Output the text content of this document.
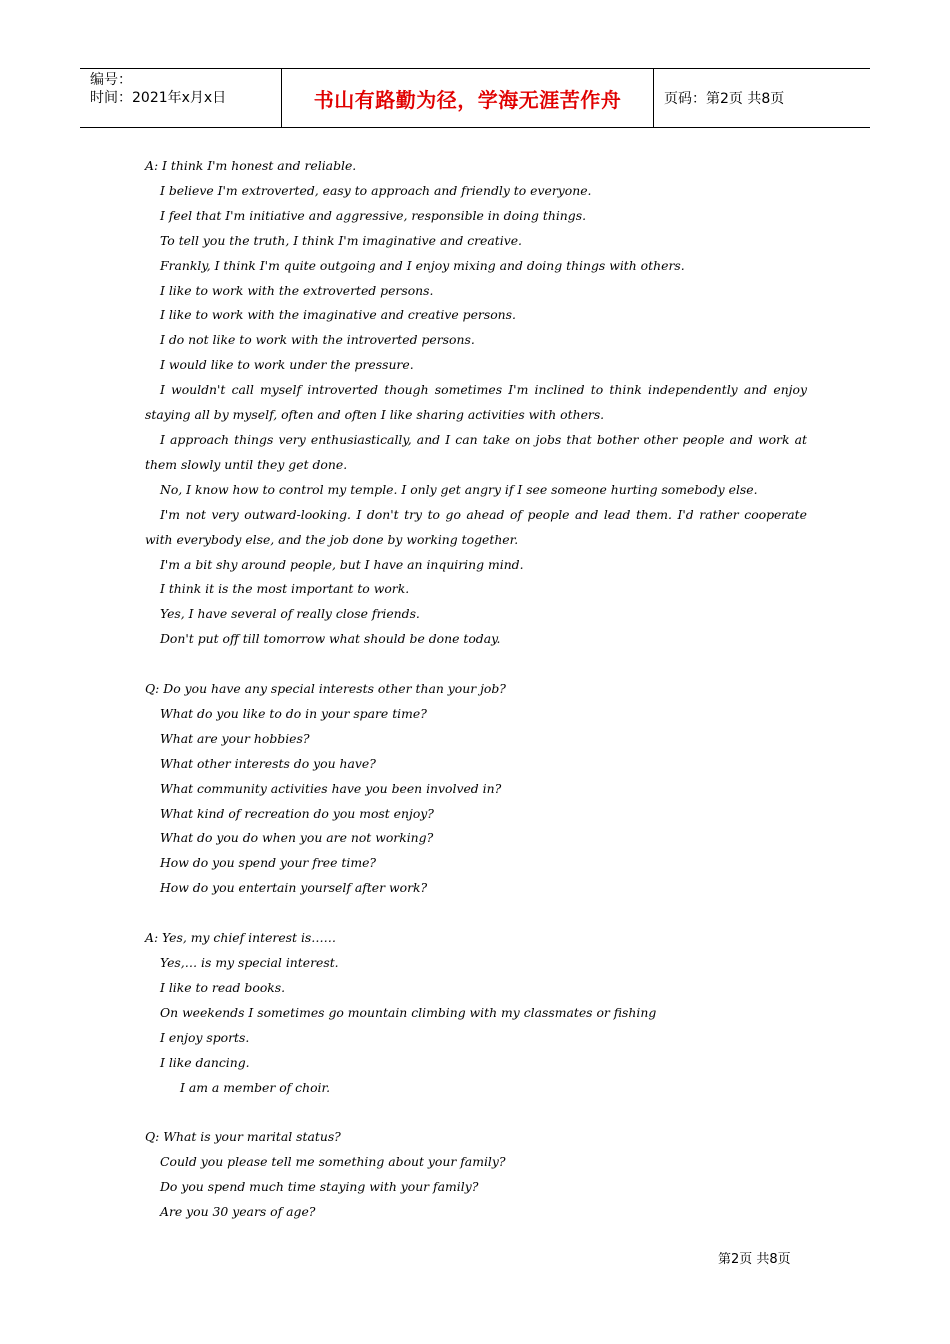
编号：
时间：2021年x月x日	书山有路勤为径，学海无涯苦作舟	页码：第2页 共8页
A: I think I'm honest and reliable.
I believe I'm extroverted, easy to approach and friendly to everyone.
I feel that I'm initiative and aggressive, responsible in doing things.
To tell you the truth, I think I'm imaginative and creative.
Frankly, I think I'm quite outgoing and I enjoy mixing and doing things with others.
I like to work with the extroverted persons.
I like to work with the imaginative and creative persons.
I do not like to work with the introverted persons.
I would like to work under the pressure.
I wouldn't call myself introverted though sometimes I'm inclined to think independently and enjoy staying all by myself, often and often I like sharing activities with others.
I approach things very enthusiastically, and I can take on jobs that bother other people and work at them slowly until they get done.
No, I know how to control my temple. I only get angry if I see someone hurting somebody else.
I'm not very outward-looking. I don't try to go ahead of people and lead them. I'd rather cooperate with everybody else, and the job done by working together.
I'm a bit shy around people, but I have an inquiring mind.
I think it is the most important to work.
Yes, I have several of really close friends.
Don't put off till tomorrow what should be done today.
Q: Do you have any special interests other than your job?
What do you like to do in your spare time?
What are your hobbies?
What other interests do you have?
What community activities have you been involved in?
What kind of recreation do you most enjoy?
What do you do when you are not working?
How do you spend your free time?
How do you entertain yourself after work?
A: Yes, my chief interest is……
Yes,… is my special interest.
I like to read books.
On weekends I sometimes go mountain climbing with my classmates or fishing
I enjoy sports.
I like dancing.
I am a member of choir.
Q: What is your marital status?
Could you please tell me something about your family?
Do you spend much time staying with your family?
Are you 30 years of age?
第2页 共8页
